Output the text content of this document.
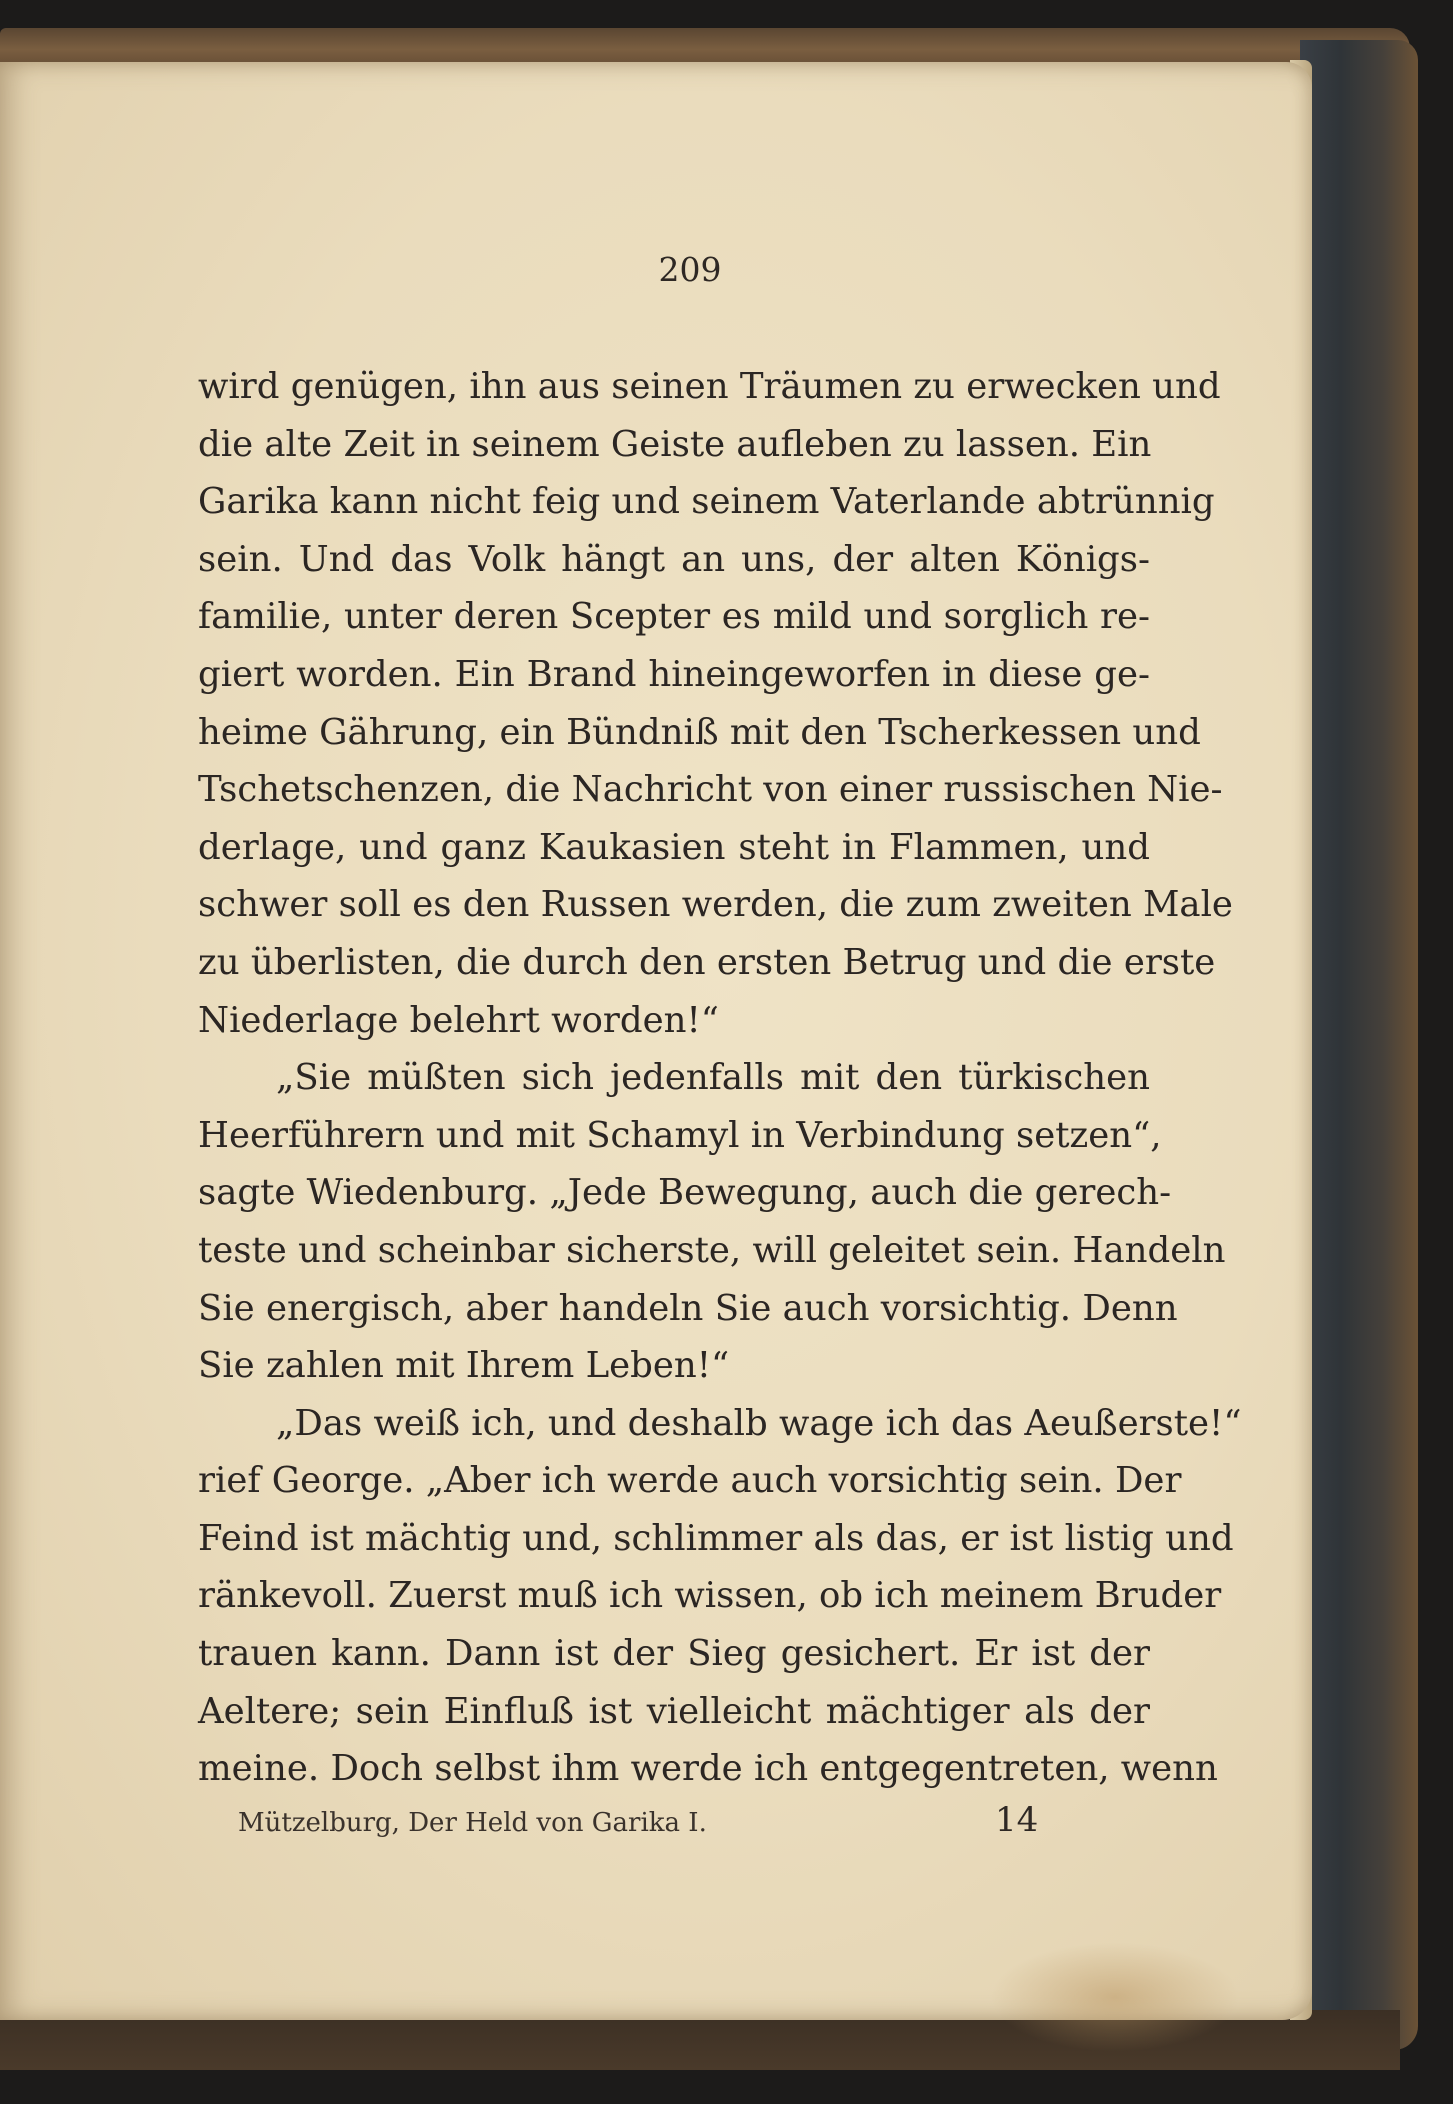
209

wird genügen, ihn aus seinen Träumen zu erwecken und
die alte Zeit in seinem Geiste aufleben zu lassen. Ein
Garika kann nicht feig und seinem Vaterlande abtrünnig
sein. Und das Volk hängt an uns, der alten Königs-
familie, unter deren Scepter es mild und sorglich re-
giert worden. Ein Brand hineingeworfen in diese ge-
heime Gährung, ein Bündniß mit den Tscherkessen und
Tschetschenzen, die Nachricht von einer russischen Nie-
derlage, und ganz Kaukasien steht in Flammen, und
schwer soll es den Russen werden, die zum zweiten Male
zu überlisten, die durch den ersten Betrug und die erste
Niederlage belehrt worden!“

„Sie müßten sich jedenfalls mit den türkischen
Heerführern und mit Schamyl in Verbindung setzen“,
sagte Wiedenburg. „Jede Bewegung, auch die gerech-
teste und scheinbar sicherste, will geleitet sein. Handeln
Sie energisch, aber handeln Sie auch vorsichtig. Denn
Sie zahlen mit Ihrem Leben!“

„Das weiß ich, und deshalb wage ich das Aeußerste!“
rief George. „Aber ich werde auch vorsichtig sein. Der
Feind ist mächtig und, schlimmer als das, er ist listig und
ränkevoll. Zuerst muß ich wissen, ob ich meinem Bruder
trauen kann. Dann ist der Sieg gesichert. Er ist der
Aeltere; sein Einfluß ist vielleicht mächtiger als der
meine. Doch selbst ihm werde ich entgegentreten, wenn

Mützelburg, Der Held von Garika I.	14
